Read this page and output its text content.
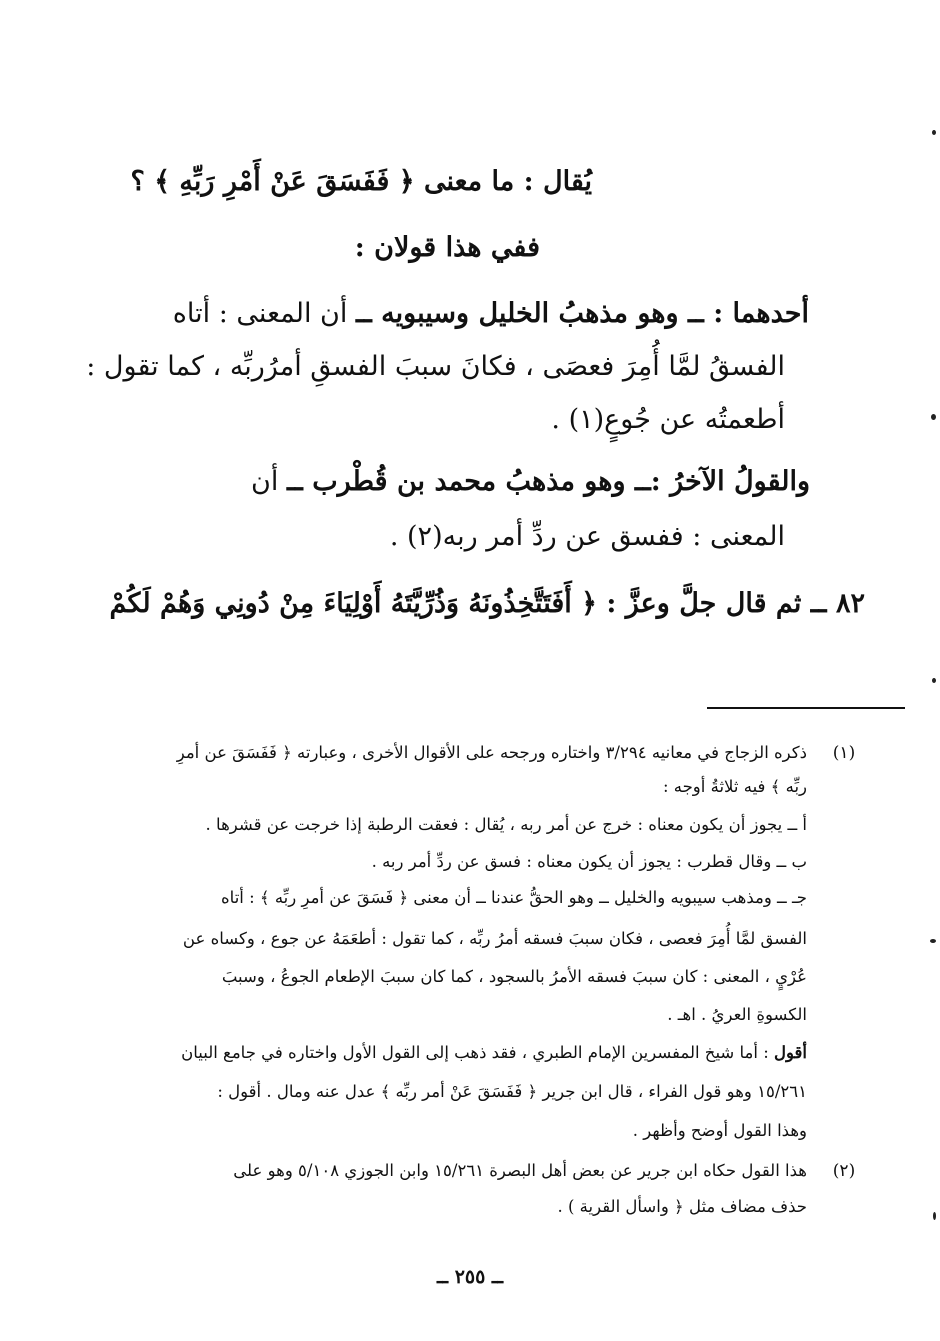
يُقال : ما معنى ﴿ فَفَسَقَ عَنْ أَمْرِ رَبِّهِ ﴾ ؟
ففي هذا قولان :
أحدهما : ــ وهو مذهبُ الخليل وسيبويه ــ أن المعنى : أتاه
الفسقُ لمَّا أُمِرَ فعصَى ، فكانَ سببَ الفسقِ أمرُربِّه ، كما تقول :
أطعمتُه عن جُوعٍ(١) .
والقولُ الآخرُ :ــ وهو مذهبُ محمد بن قُطْرب ــ أن
المعنى : ففسق عن ردِّ أمر ربه(٢) .
٨٢ ــ ثم قال جلَّ وعزَّ : ﴿ أَفَتَتَّخِذُونَهُ وَذُرِّيَّتَهُ أَوْلِيَاءَ مِنْ دُونِي وَهُمْ لَكُمْ
(١)
ذكره الزجاج في معانيه ٣/٢٩٤ واختاره ورجحه على الأقوال الأخرى ، وعبارته ﴿ فَفَسَقَ عن أمرِ
ربِّه ﴾ فيه ثلاثةُ أوجه :
أ ــ يجوز أن يكون معناه : خرج عن أمر ربه ، يُقال : فعقت الرطبة إذا خرجت عن قشرها .
ب ــ وقال قطرب : يجوز أن يكون معناه : فسق عن ردِّ أمر ربه .
جـ ــ ومذهب سيبويه والخليل ــ وهو الحقُّ عندنا ــ أن معنى ﴿ فَسَقَ عن أمرِ ربِّه ﴾ : أتاه
الفسق لمَّا أُمِرَ فعصى ، فكان سببَ فسقه أمرُ ربِّه ، كما تقول : أطعَمَهُ عن جوع ، وكساه عن
عُرْيٍ ، المعنى : كان سببَ فسقه الأمرُ بالسجود ، كما كان سببَ الإطعام الجوعُ ، وسببَ
الكسوةِ العريُ . اهـ .
أقول : أما شيخ المفسرين الإمام الطبري ، فقد ذهب إلى القول الأول واختاره في جامع البيان
١٥/٢٦١ وهو قول الفراء ، قال ابن جرير ﴿ فَفَسَقَ عَنْ أمر ربِّه ﴾ عدل عنه ومال . أقول :
وهذا القول أوضح وأظهر .
(٢)
هذا القول حكاه ابن جرير عن بعض أهل البصرة ١٥/٢٦١ وابن الجوزي ٥/١٠٨ وهو على
حذف مضاف مثل ﴿ واسأل القرية ) .
ــ ٢٥٥ ــ
